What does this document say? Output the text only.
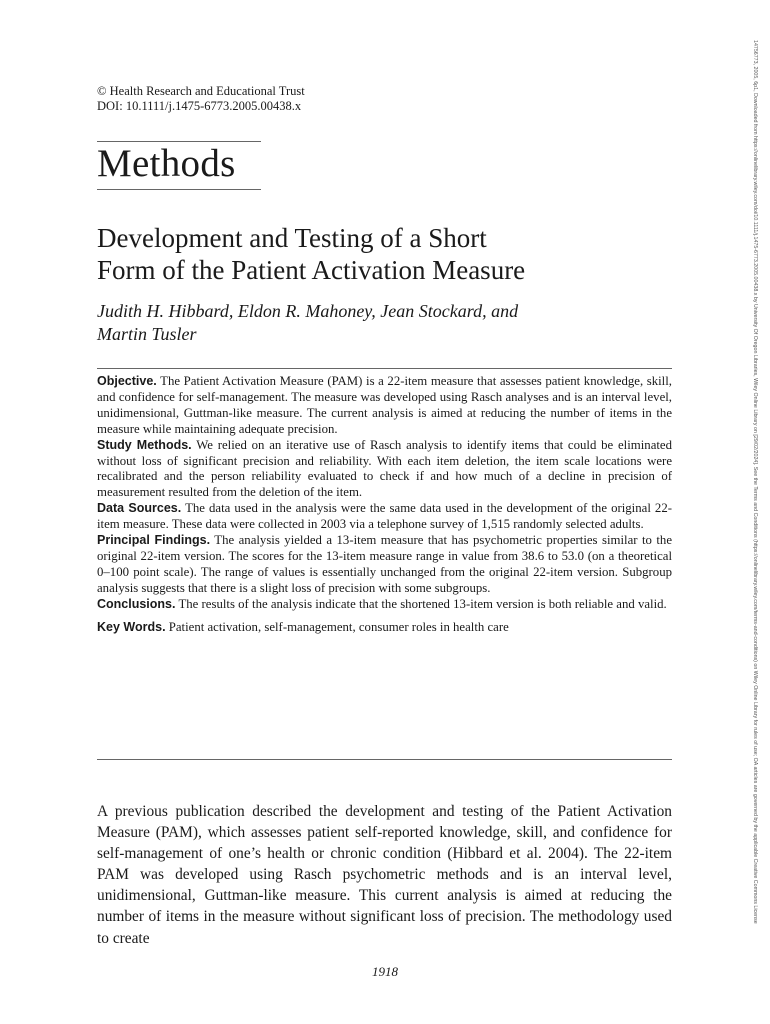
© Health Research and Educational Trust
DOI: 10.1111/j.1475-6773.2005.00438.x
Methods
Development and Testing of a Short
Form of the Patient Activation Measure
Judith H. Hibbard, Eldon R. Mahoney, Jean Stockard, and
Martin Tusler

Objective. The Patient Activation Measure (PAM) is a 22-item measure that assesses patient knowledge, skill, and confidence for self-management. The measure was developed using Rasch analyses and is an interval level, unidimensional, Guttman-like measure. The current analysis is aimed at reducing the number of items in the measure while maintaining adequate precision.

Study Methods. We relied on an iterative use of Rasch analysis to identify items that could be eliminated without loss of significant precision and reliability. With each item deletion, the item scale locations were recalibrated and the person reliability evaluated to check if and how much of a decline in precision of measurement resulted from the deletion of the item.

Data Sources. The data used in the analysis were the same data used in the development of the original 22-item measure. These data were collected in 2003 via a telephone survey of 1,515 randomly selected adults.

Principal Findings. The analysis yielded a 13-item measure that has psychometric properties similar to the original 22-item version. The scores for the 13-item measure range in value from 38.6 to 53.0 (on a theoretical 0–100 point scale). The range of values is essentially unchanged from the original 22-item version. Subgroup analysis suggests that there is a slight loss of precision with some subgroups.

Conclusions. The results of the analysis indicate that the shortened 13-item version is both reliable and valid.

Key Words. Patient activation, self-management, consumer roles in health care

A previous publication described the development and testing of the Patient Activation Measure (PAM), which assesses patient self-reported knowledge, skill, and confidence for self-management of one’s health or chronic condition (Hibbard et al. 2004). The 22-item PAM was developed using Rasch psychometric methods and is an interval level, unidimensional, Guttman-like measure. This current analysis is aimed at reducing the number of items in the measure without significant loss of precision. The methodology used to create

1918
14756773, 2005, 6p1, Downloaded from https://onlinelibrary.wiley.com/doi/10.1111/j.1475-6773.2005.00438.x by University Of Oregon Libraries, Wiley Online Library on [29/02/2024]. See the Terms and Conditions (https://onlinelibrary.wiley.com/terms-and-conditions) on Wiley Online Library for rules of use; OA articles are governed by the applicable Creative Commons License
